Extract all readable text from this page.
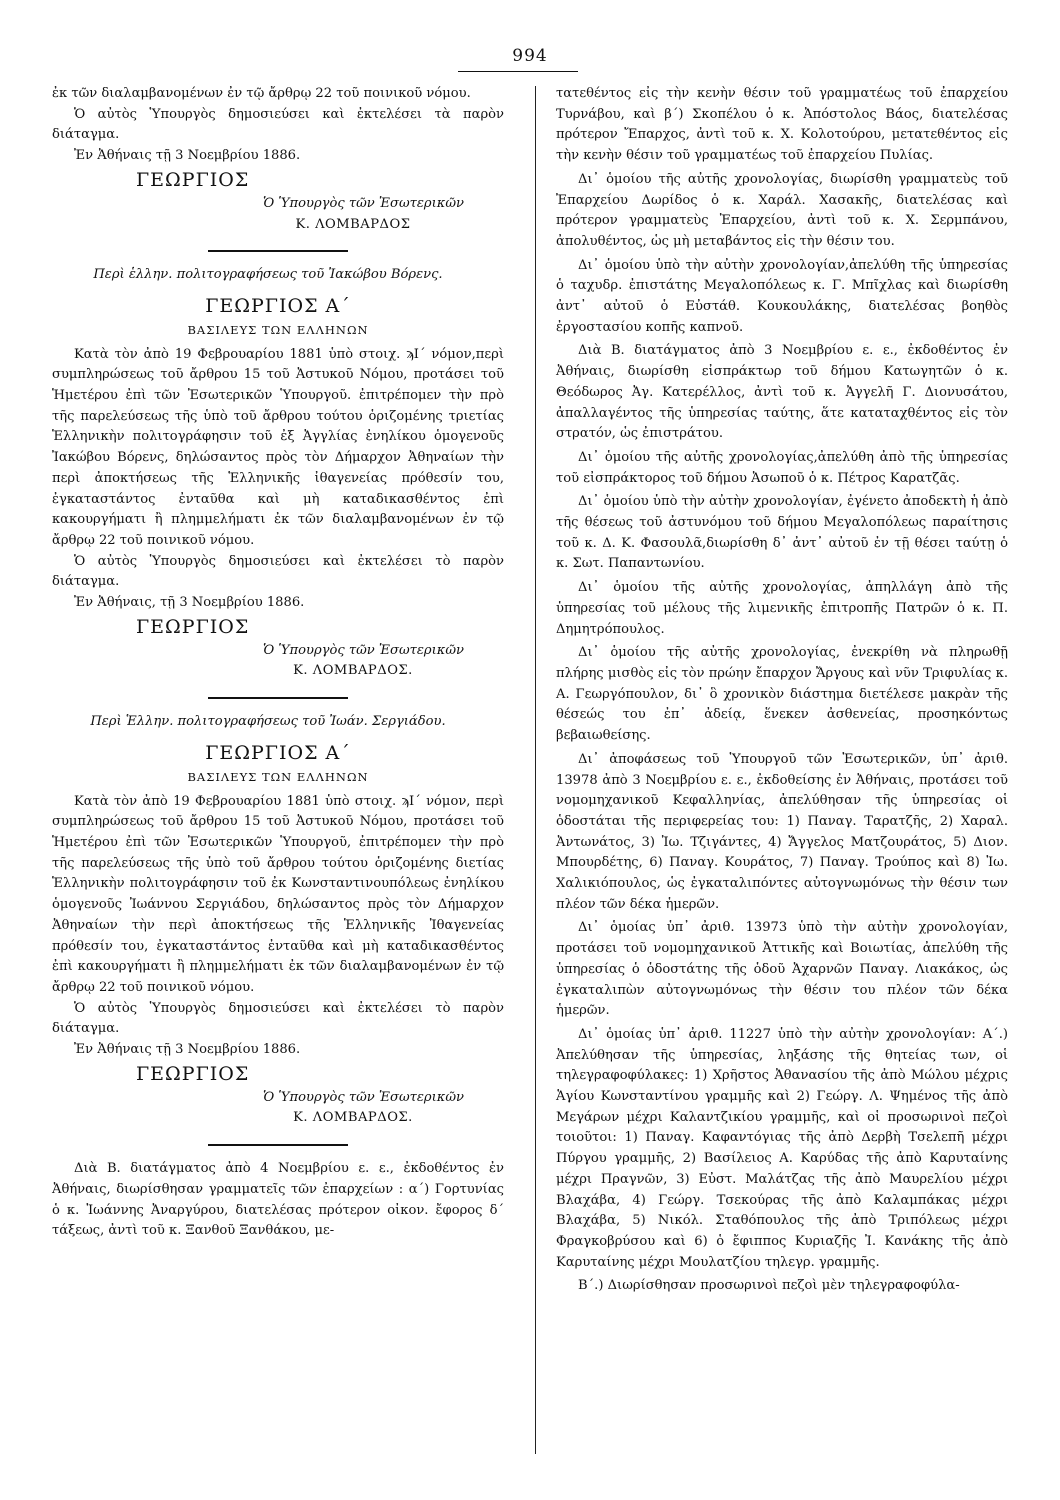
994

ἐκ τῶν διαλαμβανομένων ἐν τῷ ἄρθρῳ 22 τοῦ ποινικοῦ νόμου.

Ὁ αὐτὸς Ὑπουργὸς δημοσιεύσει καὶ ἐκτελέσει τὰ παρὸν διάταγμα.

Ἐν Ἀθήναις τῇ 3 Νοεμβρίου 1886.

ΓΕΩΡΓΙΟΣ

Ὁ Ὑπουργὸς τῶν Ἐσωτερικῶν

Κ. ΛΟΜΒΑΡΔΟΣ

Περὶ ἑλλην. πολιτογραφήσεως τοῦ Ἰακώβου Βόρενς.

ΓΕΩΡΓΙΟΣ Α΄

ΒΑΣΙΛΕΥΣ ΤΩΝ ΕΛΛΗΝΩΝ

Κατὰ τὸν ἀπὸ 19 Φεβρουαρίου 1881 ὑπὸ στοιχ. ϡΙ΄ νόμον,περὶ συμπληρώσεως τοῦ ἄρθρου 15 τοῦ Ἀστυκοῦ Νόμου, προτάσει τοῦ Ἡμετέρου ἐπὶ τῶν Ἐσωτερικῶν Ὑπουργοῦ. ἐπιτρέπομεν τὴν πρὸ τῆς παρελεύσεως τῆς ὑπὸ τοῦ ἄρθρου τούτου ὁριζομένης τριετίας Ἑλληνικὴν πολιτογράφησιν τοῦ ἐξ Ἀγγλίας ἐνηλίκου ὁμογενοῦς Ἰακώβου Βόρενς, δηλώσαντος πρὸς τὸν Δήμαρχον Ἀθηναίων τὴν περὶ ἀποκτήσεως τῆς Ἑλληνικῆς ἰθαγενείας πρόθεσίν του, ἐγκαταστάντος ἐνταῦθα καὶ μὴ καταδικασθέντος ἐπὶ κακουργήματι ἢ πλημμελήματι ἐκ τῶν διαλαμβανομένων ἐν τῷ ἄρθρῳ 22 τοῦ ποινικοῦ νόμου.

Ὁ αὐτὸς Ὑπουργὸς δημοσιεύσει καὶ ἐκτελέσει τὸ παρὸν διάταγμα.

Ἐν Ἀθήναις, τῇ 3 Νοεμβρίου 1886.

ΓΕΩΡΓΙΟΣ

Ὁ Ὑπουργὸς τῶν Ἐσωτερικῶν

Κ. ΛΟΜΒΑΡΔΟΣ.

Περὶ Ἑλλην. πολιτογραφήσεως τοῦ Ἰωάν. Σεργιάδου.

ΓΕΩΡΓΙΟΣ Α΄

ΒΑΣΙΛΕΥΣ ΤΩΝ ΕΛΛΗΝΩΝ

Κατὰ τὸν ἀπὸ 19 Φεβρουαρίου 1881 ὑπὸ στοιχ. ϡΙ΄ νόμον, περὶ συμπληρώσεως τοῦ ἄρθρου 15 τοῦ Ἀστυκοῦ Νόμου, προτάσει τοῦ Ἡμετέρου ἐπὶ τῶν Ἐσωτερικῶν Ὑπουργοῦ, ἐπιτρέπομεν τὴν πρὸ τῆς παρελεύσεως τῆς ὑπὸ τοῦ ἄρθρου τούτου ὁριζομένης διετίας Ἑλληνικὴν πολιτογράφησιν τοῦ ἐκ Κωνσταντινουπόλεως ἐνηλίκου ὁμογενοῦς Ἰωάννου Σεργιάδου, δηλώσαντος πρὸς τὸν Δήμαρχον Ἀθηναίων τὴν περὶ ἀποκτήσεως τῆς Ἑλληνικῆς Ἰθαγενείας πρόθεσίν του, ἐγκαταστάντος ἐνταῦθα καὶ μὴ καταδικασθέντος ἐπὶ κακουργήματι ἢ πλημμελήματι ἐκ τῶν διαλαμβανομένων ἐν τῷ ἄρθρῳ 22 τοῦ ποινικοῦ νόμου.

Ὁ αὐτὸς Ὑπουργὸς δημοσιεύσει καὶ ἐκτελέσει τὸ παρὸν διάταγμα.

Ἐν Ἀθήναις τῇ 3 Νοεμβρίου 1886.

ΓΕΩΡΓΙΟΣ

Ὁ Ὑπουργὸς τῶν Ἐσωτερικῶν

Κ. ΛΟΜΒΑΡΔΟΣ.

Διὰ Β. διατάγματος ἀπὸ 4 Νοεμβρίου ε. ε., ἐκδοθέντος ἐν Ἀθήναις, διωρίσθησαν γραμματεῖς τῶν ἐπαρχείων : α΄) Γορτυνίας ὁ κ. Ἰωάννης Ἀναργύρου, διατελέσας πρότερον οἰκον. ἔφορος δ΄ τάξεως, ἀντὶ τοῦ κ. Ξανθοῦ Ξανθάκου, με-

τατεθέντος εἰς τὴν κενὴν θέσιν τοῦ γραμματέως τοῦ ἐπαρχείου Τυρνάβου, καὶ β΄) Σκοπέλου ὁ κ. Ἀπόστολος Βάος, διατελέσας πρότερον Ἔπαρχος, ἀντὶ τοῦ κ. Χ. Κολοτούρου, μετατεθέντος εἰς τὴν κενὴν θέσιν τοῦ γραμματέως τοῦ ἐπαρχείου Πυλίας.

Δι᾽ ὁμοίου τῆς αὐτῆς χρονολογίας, διωρίσθη γραμματεὺς τοῦ Ἐπαρχείου Δωρίδος ὁ κ. Χαράλ. Χασακῆς, διατελέσας καὶ πρότερον γραμματεὺς Ἐπαρχείου, ἀντὶ τοῦ κ. Χ. Σερμπάνου, ἀπολυθέντος, ὡς μὴ μεταβάντος εἰς τὴν θέσιν του.

Δι᾽ ὁμοίου ὑπὸ τὴν αὐτὴν χρονολογίαν,ἀπελύθη τῆς ὑπηρεσίας ὁ ταχυδρ. ἐπιστάτης Μεγαλοπόλεως κ. Γ. Μπῖχλας καὶ διωρίσθη ἀντ᾽ αὐτοῦ ὁ Εὐστάθ. Κουκουλάκης, διατελέσας βοηθὸς ἐργοστασίου κοπῆς καπνοῦ.

Διὰ Β. διατάγματος ἀπὸ 3 Νοεμβρίου ε. ε., ἐκδοθέντος ἐν Ἀθήναις, διωρίσθη εἰσπράκτωρ τοῦ δήμου Κατωγητῶν ὁ κ. Θεόδωρος Ἀγ. Κατερέλλος, ἀντὶ τοῦ κ. Ἀγγελῆ Γ. Διονυσάτου, ἀπαλλαγέντος τῆς ὑπηρεσίας ταύτης, ἅτε καταταχθέντος εἰς τὸν στρατόν, ὡς ἐπιστράτου.

Δι᾽ ὁμοίου τῆς αὐτῆς χρονολογίας,ἀπελύθη ἀπὸ τῆς ὑπηρεσίας τοῦ εἰσπράκτορος τοῦ δήμου Ἀσωποῦ ὁ κ. Πέτρος Καρατζᾶς.

Δι᾽ ὁμοίου ὑπὸ τὴν αὐτὴν χρονολογίαν, ἐγένετο ἀποδεκτὴ ἡ ἀπὸ τῆς θέσεως τοῦ ἀστυνόμου τοῦ δήμου Μεγαλοπόλεως παραίτησις τοῦ κ. Δ. Κ. Φασουλᾶ,διωρίσθη δ᾽ ἀντ᾽ αὐτοῦ ἐν τῇ θέσει ταύτῃ ὁ κ. Σωτ. Παπαντωνίου.

Δι᾽ ὁμοίου τῆς αὐτῆς χρονολογίας, ἀπηλλάγη ἀπὸ τῆς ὑπηρεσίας τοῦ μέλους τῆς λιμενικῆς ἐπιτροπῆς Πατρῶν ὁ κ. Π. Δημητρόπουλος.

Δι᾽ ὁμοίου τῆς αὐτῆς χρονολογίας, ἐνεκρίθη νὰ πληρωθῇ πλήρης μισθὸς εἰς τὸν πρώην ἔπαρχον Ἄργους καὶ νῦν Τριφυλίας κ. Α. Γεωργόπουλον, δι᾽ ὃ χρονικὸν διάστημα διετέλεσε μακρὰν τῆς θέσεώς του ἐπ᾽ ἀδείᾳ, ἕνεκεν ἀσθενείας, προσηκόντως βεβαιωθείσης.

Δι᾽ ἀποφάσεως τοῦ Ὑπουργοῦ τῶν Ἐσωτερικῶν, ὑπ᾽ ἀριθ. 13978 ἀπὸ 3 Νοεμβρίου ε. ε., ἐκδοθείσης ἐν Ἀθήναις, προτάσει τοῦ νομομηχανικοῦ Κεφαλληνίας, ἀπελύθησαν τῆς ὑπηρεσίας οἱ ὁδοστάται τῆς περιφερείας του: 1) Παναγ. Ταρατζῆς, 2) Χαραλ. Ἀντωνάτος, 3) Ἰω. Τζιγάντες, 4) Ἄγγελος Ματζουράτος, 5) Διον. Μπουρδέτης, 6) Παναγ. Κουράτος, 7) Παναγ. Τρούπος καὶ 8) Ἰω. Χαλικιόπουλος, ὡς ἐγκαταλιπόντες αὐτογνωμόνως τὴν θέσιν των πλέον τῶν δέκα ἡμερῶν.

Δι᾽ ὁμοίας ὑπ᾽ ἀριθ. 13973 ὑπὸ τὴν αὐτὴν χρονολογίαν, προτάσει τοῦ νομομηχανικοῦ Ἀττικῆς καὶ Βοιωτίας, ἀπελύθη τῆς ὑπηρεσίας ὁ ὁδοστάτης τῆς ὁδοῦ Ἀχαρνῶν Παναγ. Λιακάκος, ὡς ἐγκαταλιπὼν αὐτογνωμόνως τὴν θέσιν του πλέον τῶν δέκα ἡμερῶν.

Δι᾽ ὁμοίας ὑπ᾽ ἀριθ. 11227 ὑπὸ τὴν αὐτὴν χρονολογίαν: Α΄.) Ἀπελύθησαν τῆς ὑπηρεσίας, ληξάσης τῆς θητείας των, οἱ τηλεγραφοφύλακες: 1) Χρῆστος Ἀθανασίου τῆς ἀπὸ Μώλου μέχρις Ἁγίου Κωνσταντίνου γραμμῆς καὶ 2) Γεώργ. Λ. Ψημένος τῆς ἀπὸ Μεγάρων μέχρι Καλαντζικίου γραμμῆς, καὶ οἱ προσωρινοὶ πεζοὶ τοιοῦτοι: 1) Παναγ. Καφαντόγιας τῆς ἀπὸ Δερβὴ Τσελεπῆ μέχρι Πύργου γραμμῆς, 2) Βασίλειος Α. Καρύδας τῆς ἀπὸ Καρυταίνης μέχρι Πραγνῶν, 3) Εὐστ. Μαλάτζας τῆς ἀπὸ Μαυρελίου μέχρι Βλαχάβα, 4) Γεώργ. Τσεκούρας τῆς ἀπὸ Καλαμπάκας μέχρι Βλαχάβα, 5) Νικόλ. Σταθόπουλος τῆς ἀπὸ Τριπόλεως μέχρι Φραγκοβρύσου καὶ 6) ὁ ἔφιππος Κυριαζῆς Ἰ. Κανάκης τῆς ἀπὸ Καρυταίνης μέχρι Μουλατζίου τηλεγρ. γραμμῆς.

Β΄.) Διωρίσθησαν προσωρινοὶ πεζοὶ μὲν τηλεγραφοφύλα-
